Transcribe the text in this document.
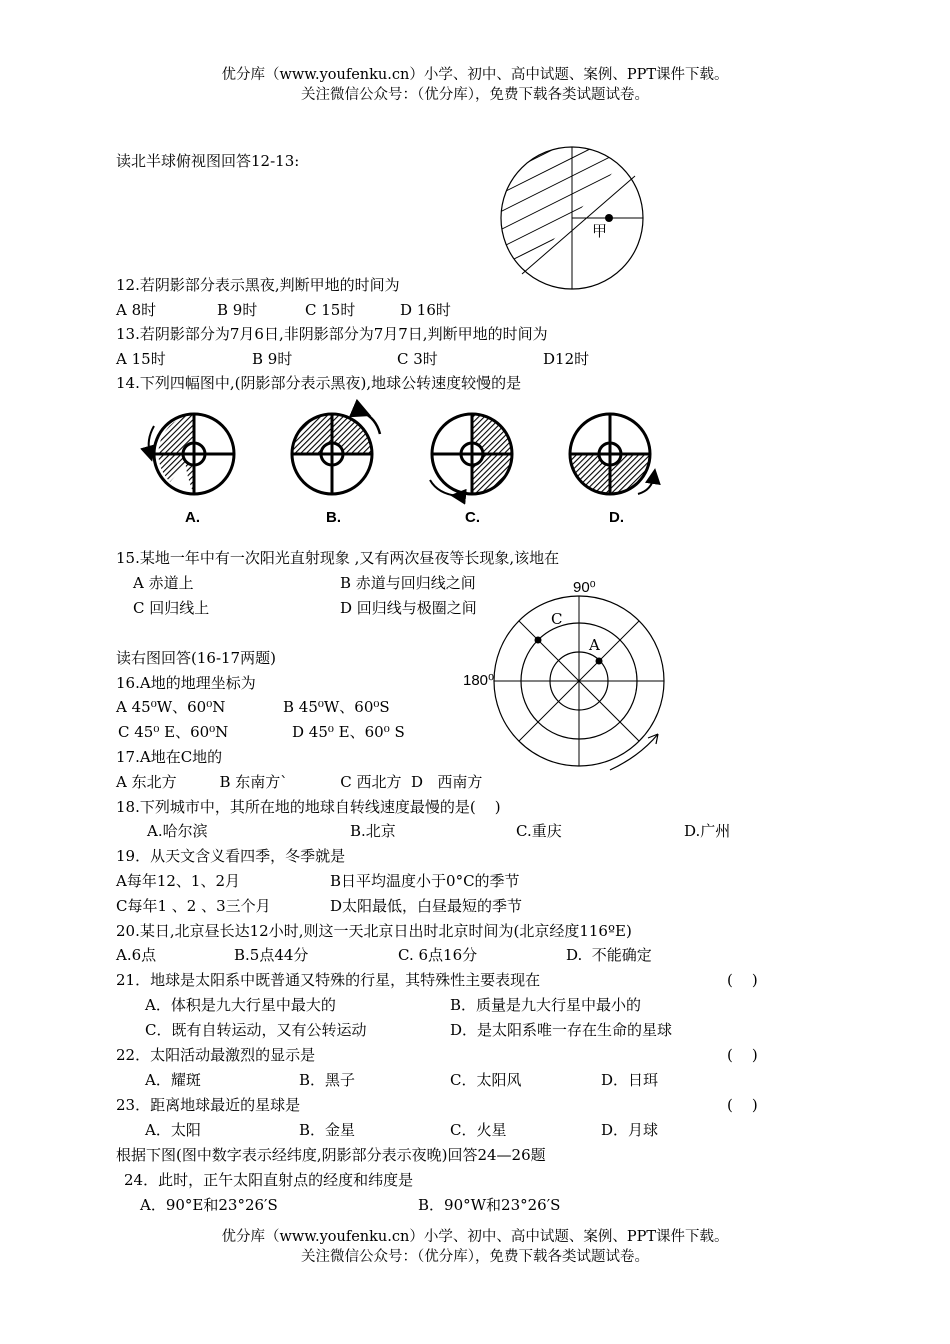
优分库（www.youfenku.cn）小学、初中、高中试题、案例、PPT课件下载。
关注微信公众号：（优分库），免费下载各类试题试卷。
读北半球俯视图回答12-13:
甲
12.若阴影部分表示黑夜,判断甲地的时间为
A 8时	B 9时	C 15时	D 16时
13.若阴影部分为7月6日,非阴影部分为7月7日,判断甲地的时间为
A 15时	B 9时	C 3时	D12时
14.下列四幅图中,(阴影部分表示黑夜),地球公转速度较慢的是
A.	B.	C.	D.
15.某地一年中有一次阳光直射现象 ,又有两次昼夜等长现象,该地在
A 赤道上	B 赤道与回归线之间
C 回归线上	D 回归线与极圈之间
90⁰
180⁰
C
A
读右图回答(16-17两题)
16.A地的地理坐标为
A 45⁰W、60⁰N	B 45⁰W、60⁰S
C 45⁰ E、60⁰N	D 45⁰ E、60⁰ S
17.A地在C地的
A 东北方         B 东南方`           C 西北方  D   西南方
18.下列城市中，其所在地的地球自转线速度最慢的是(    )
A.哈尔滨	B.北京	C.重庆	D.广州
19．从天文含义看四季，冬季就是
A每年12、1、2月	B日平均温度小于0°C的季节
C每年1 、2 、3三个月	D太阳最低，白昼最短的季节
20.某日,北京昼长达12小时,则这一天北京日出时北京时间为(北京经度116ºE)
A.6点	B.5点44分	C. 6点16分	D.  不能确定
21．地球是太阳系中既普通又特殊的行星，其特殊性主要表现在	(    )
A．体积是九大行星中最大的	B．质量是九大行星中最小的
C．既有自转运动，又有公转运动	D．是太阳系唯一存在生命的星球
22．太阳活动最激烈的显示是	(    )
A．耀斑	B．黑子	C．太阳风	D．日珥
23．距离地球最近的星球是	(    )
A．太阳	B．金星	C．火星	D．月球
根据下图(图中数字表示经纬度,阴影部分表示夜晚)回答24—26题
24．此时，正午太阳直射点的经度和纬度是
A．90°E和23°26′S	B．90°W和23°26′S
优分库（www.youfenku.cn）小学、初中、高中试题、案例、PPT课件下载。
关注微信公众号：（优分库），免费下载各类试题试卷。
